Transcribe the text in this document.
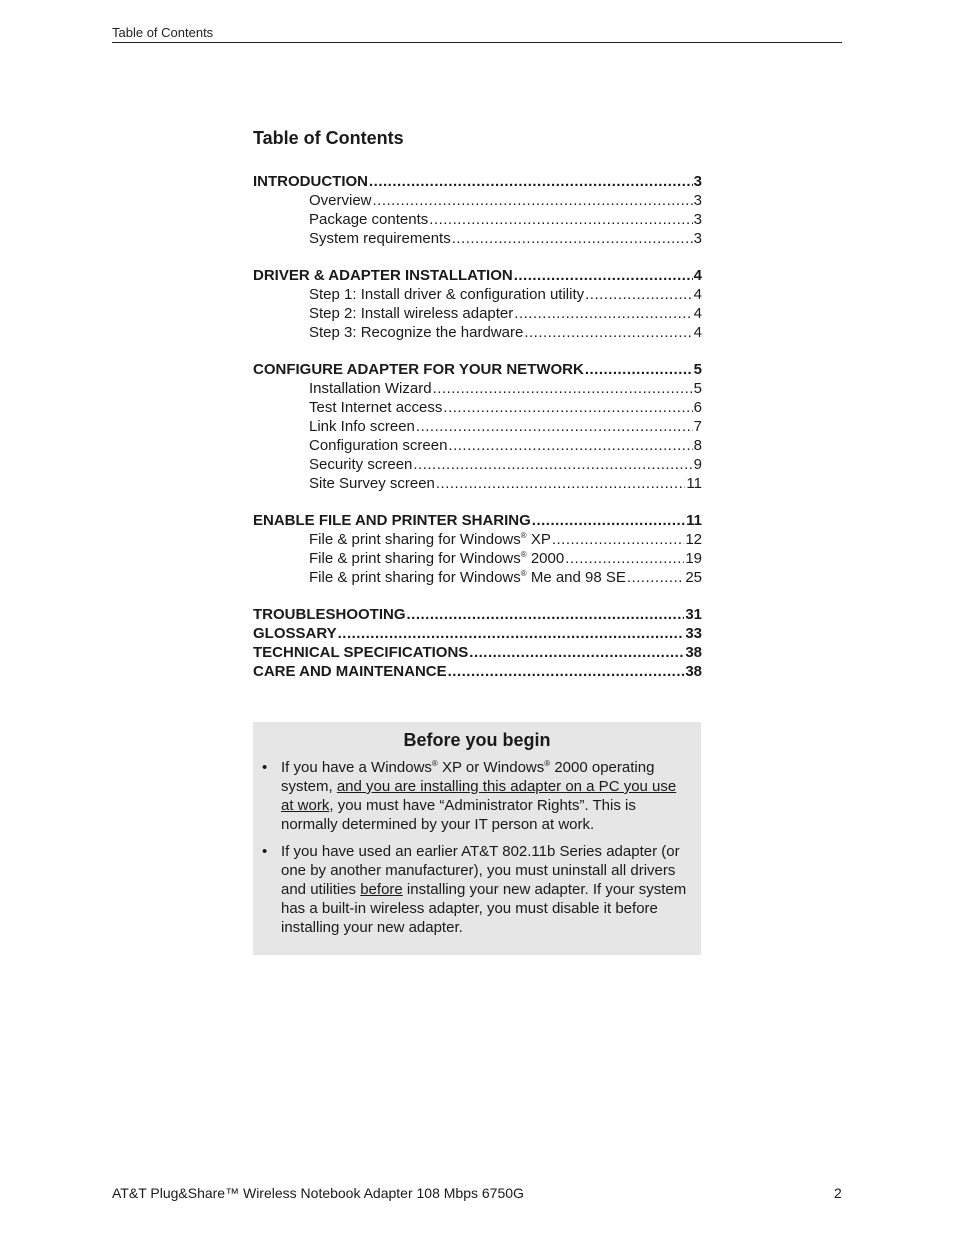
Table of Contents
Table of Contents
INTRODUCTION .....	3
Overview .....	3
Package contents .....	3
System requirements .....	3
DRIVER & ADAPTER INSTALLATION .....	4
Step 1: Install driver & configuration utility .....	4
Step 2: Install wireless adapter .....	4
Step 3: Recognize the hardware .....	4
CONFIGURE ADAPTER FOR YOUR NETWORK .....	5
Installation Wizard .....	5
Test Internet access .....	6
Link Info screen .....	7
Configuration screen .....	8
Security screen .....	9
Site Survey screen .....	11
ENABLE FILE AND PRINTER SHARING .....	11
File & print sharing for Windows® XP .....	12
File & print sharing for Windows® 2000 .....	19
File & print sharing for Windows® Me and 98 SE .....	25
TROUBLESHOOTING .....	31
GLOSSARY .....	33
TECHNICAL SPECIFICATIONS .....	38
CARE AND MAINTENANCE .....	38
Before you begin
• If you have a Windows® XP or Windows® 2000 operating system, and you are installing this adapter on a PC you use at work, you must have “Administrator Rights”. This is normally determined by your IT person at work.
• If you have used an earlier AT&T 802.11b Series adapter (or one by another manufacturer), you must uninstall all drivers and utilities before installing your new adapter. If your system has a built-in wireless adapter, you must disable it before installing your new adapter.
AT&T Plug&Share™ Wireless Notebook Adapter 108 Mbps 6750G	2
